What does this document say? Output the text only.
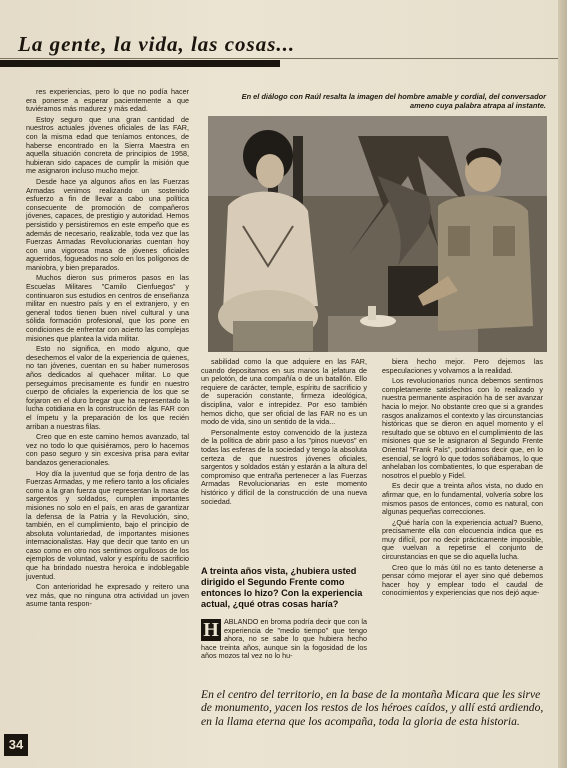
La gente, la vida, las cosas...

res experiencias, pero lo que no podía hacer era ponerse a esperar pacientemente a que tuviéramos más madurez y más edad.

Estoy seguro que una gran cantidad de nuestros actuales jóvenes oficiales de las FAR, con la misma edad que teníamos entonces, de haberse encontrado en la Sierra Maestra en aquella situación concreta de principios de 1958, hubieran sido capaces de cumplir la misión que me asignaron incluso mucho mejor.

Desde hace ya algunos años en las Fuerzas Armadas venimos realizando un sostenido esfuerzo a fin de llevar a cabo una política consecuente de promoción de compañeros jóvenes, capaces, de prestigio y autoridad. Hemos persistido y persistiremos en este empeño que es además de necesario, realizable, toda vez que las Fuerzas Armadas Revolucionarias cuentan hoy con una vigorosa masa de jóvenes oficiales aguerridos, fogueados no solo en los polígonos de maniobra, y bien preparados.

Muchos dieron sus primeros pasos en las Escuelas Militares "Camilo Cienfuegos" y continuaron sus estudios en centros de enseñanza militar en nuestro país y en el extranjero, y en general todos tienen buen nivel cultural y una sólida formación profesional, que los pone en condiciones de enfrentar con acierto las complejas misiones que plantea la vida militar.

Esto no significa, en modo alguno, que desechemos el valor de la experiencia de quienes, no tan jóvenes, cuentan en su haber numerosos años dedicados al quehacer militar. Lo que perseguimos precisamente es fundir en nuestro cuerpo de oficiales la experiencia de los que se forjaron en el duro bregar que ha representado la lucha cotidiana en la construcción de las FAR con el ímpetu y la preparación de los que recién arriban a nuestras filas.

Creo que en este camino hemos avanzado, tal vez no todo lo que quisiéramos, pero lo hacemos con paso seguro y sin excesiva prisa para evitar bandazos generacionales.

Hoy día la juventud que se forja dentro de las Fuerzas Armadas, y me refiero tanto a los oficiales como a la gran fuerza que representan la masa de sargentos y soldados, cumplen importantes misiones no solo en el país, en aras de garantizar la defensa de la Patria y la Revolución, sino, también, en el cumplimiento, bajo el principio de absoluta voluntariedad, de importantes misiones internacionalistas. Hay que decir que tanto en un caso como en otro nos sentimos orgullosos de los ejemplos de voluntad, valor y espíritu de sacrificio que ha brindado nuestra heroica e indoblegable juventud.

Con anterioridad he expresado y reitero una vez más, que no ninguna otra actividad un joven asume tanta respon-

En el diálogo con Raúl resalta la imagen del hombre amable y cordial, del conversador ameno cuya palabra atrapa al instante.

sabilidad como la que adquiere en las FAR, cuando depositamos en sus manos la jefatura de un pelotón, de una compañía o de un batallón. Ello requiere de carácter, temple, espíritu de sacrificio y de superación constante, firmeza ideológica, disciplina, valor e intrepidez. Por eso también hemos dicho, que ser oficial de las FAR no es un modo de vida, sino un sentido de la vida...

Personalmente estoy convencido de la justeza de la política de abrir paso a los "pinos nuevos" en todas las esferas de la sociedad y tengo la absoluta certeza de que nuestros jóvenes oficiales, sargentos y soldados están y estarán a la altura del compromiso que entraña pertenecer a las Fuerzas Armadas Revolucionarias en este momento histórico y difícil de la construcción de una nueva sociedad.

A treinta años vista, ¿hubiera usted dirigido el Segundo Frente como entonces lo hizo? Con la experiencia actual, ¿qué otras cosas haría?
H ABLANDO en broma podría decir que con la experiencia de "medio tiempo" que tengo ahora, no se sabe lo que hubiera hecho hace treinta años, aunque sin la fogosidad de los años mozos tal vez no lo hu-

biera hecho mejor. Pero dejemos las especulaciones y volvamos a la realidad.

Los revolucionarios nunca debemos sentirnos completamente satisfechos con lo realizado y nuestra permanente aspiración ha de ser avanzar hacia lo mejor. No obstante creo que si a grandes rasgos analizamos el contexto y las circunstancias históricas que se dieron en aquel momento y el resultado que se obtuvo en el cumplimiento de las misiones que se le asignaron al Segundo Frente Oriental "Frank País", podríamos decir que, en lo esencial, se logró lo que todos soñábamos, lo que anhelaban los combatientes, lo que esperaban de nosotros el pueblo y Fidel.

Es decir que a treinta años vista, no dudo en afirmar que, en lo fundamental, volvería sobre los mismos pasos de entonces, como es natural, con algunas pequeñas correcciones.

¿Qué haría con la experiencia actual? Bueno, precisamente ella con elocuencia indica que es muy difícil, por no decir prácticamente imposible, que vuelvan a repetirse el conjunto de circunstancias en que se dio aquella lucha.

Creo que lo más útil no es tanto detenerse a pensar cómo mejorar el ayer sino qué debemos hacer hoy y emplear todo el caudal de conocimientos y experiencias que nos dejó aque-

En el centro del territorio, en la base de la montaña Micara que les sirve de monumento, yacen los restos de los héroes caídos, y allí está ardiendo, en la llama eterna que los acompaña, toda la gloria de esta historia.
34
